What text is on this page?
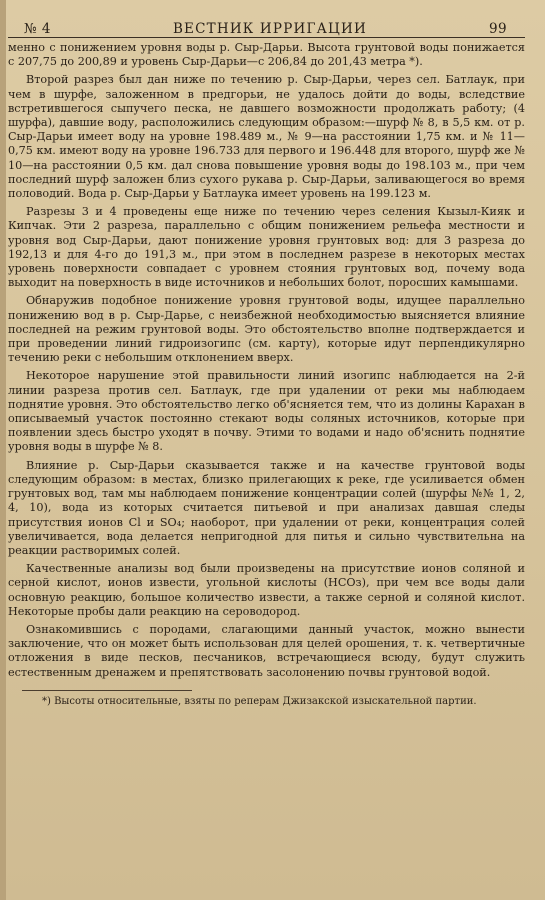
№ 4	ВЕСТНИК ИРРИГАЦИИ	99

менно с понижением уровня воды р. Сыр-Дарьи. Высота грунтовой воды понижается с 207,75 до 200,89 и уровень Сыр-Дарьи—с 206,84 до 201,43 метра *).

Второй разрез был дан ниже по течению р. Сыр-Дарьи, через сел. Батлаук, при чем в шурфе, заложенном в предгорьи, не удалось дойти до воды, вследствие встретившегося сыпучего песка, не давшего возможности продолжать работу; (4 шурфа), давшие воду, расположились следующим образом:—шурф № 8, в 5,5 км. от р. Сыр-Дарьи имеет воду на уровне 198.489 м., № 9—на расстоянии 1,75 км. и № 11—0,75 км. имеют воду на уровне 196.733 для первого и 196.448 для второго, шурф же № 10—на расстоянии 0,5 км. дал снова повышение уровня воды до 198.103 м., при чем последний шурф заложен близ сухого рукава р. Сыр-Дарьи, заливающегося во время половодий. Вода р. Сыр-Дарьи у Батлаука имеет уровень на 199.123 м.

Разрезы 3 и 4 проведены еще ниже по течению через селения Кызыл-Кияк и Кипчак. Эти 2 разреза, параллельно с общим понижением рельефа местности и уровня вод Сыр-Дарьи, дают понижение уровня грунтовых вод: для 3 разреза до 192,13 и для 4-го до 191,3 м., при этом в последнем разрезе в некоторых местах уровень поверхности совпадает с уровнем стояния грунтовых вод, почему вода выходит на поверхность в виде источников и небольших болот, поросших камышами.

Обнаружив подобное понижение уровня грунтовой воды, идущее параллельно понижению вод в р. Сыр-Дарье, с неизбежной необходимостью выясняется влияние последней на режим грунтовой воды. Это обстоятельство вполне подтверждается и при проведении линий гидроизогипс (см. карту), которые идут перпендикулярно течению реки с небольшим отклонением вверх.

Некоторое нарушение этой правильности линий изогипс наблюдается на 2-й линии разреза против сел. Батлаук, где при удалении от реки мы наблюдаем поднятие уровня. Это обстоятельство легко об'ясняется тем, что из долины Карахан в описываемый участок постоянно стекают воды соляных источников, которые при появлении здесь быстро уходят в почву. Этими то водами и надо об'яснить поднятие уровня воды в шурфе № 8.

Влияние р. Сыр-Дарьи сказывается также и на качестве грунтовой воды следующим образом: в местах, близко прилегающих к реке, где усиливается обмен грунтовых вод, там мы наблюдаем понижение концентрации солей (шурфы №№ 1, 2, 4, 10), вода из которых считается питьевой и при анализах давшая следы присутствия ионов Cl и SO₄; наоборот, при удалении от реки, концентрация солей увеличивается, вода делается непригодной для питья и сильно чувствительна на реакции растворимых солей.

Качественные анализы вод были произведены на присутствие ионов соляной и серной кислот, ионов извести, угольной кислоты (НСОз), при чем все воды дали основную реакцию, большое количество извести, а также серной и соляной кислот. Некоторые пробы дали реакцию на сероводород.

Ознакомившись с породами, слагающими данный участок, можно вынести заключение, что он может быть использован для целей орошения, т. к. четвертичные отложения в виде песков, песчаников, встречающиеся всюду, будут служить естественным дренажем и препятствовать засолонению почвы грунтовой водой.

*) Высоты относительные, взяты по реперам Джизакской изыскательной партии.
